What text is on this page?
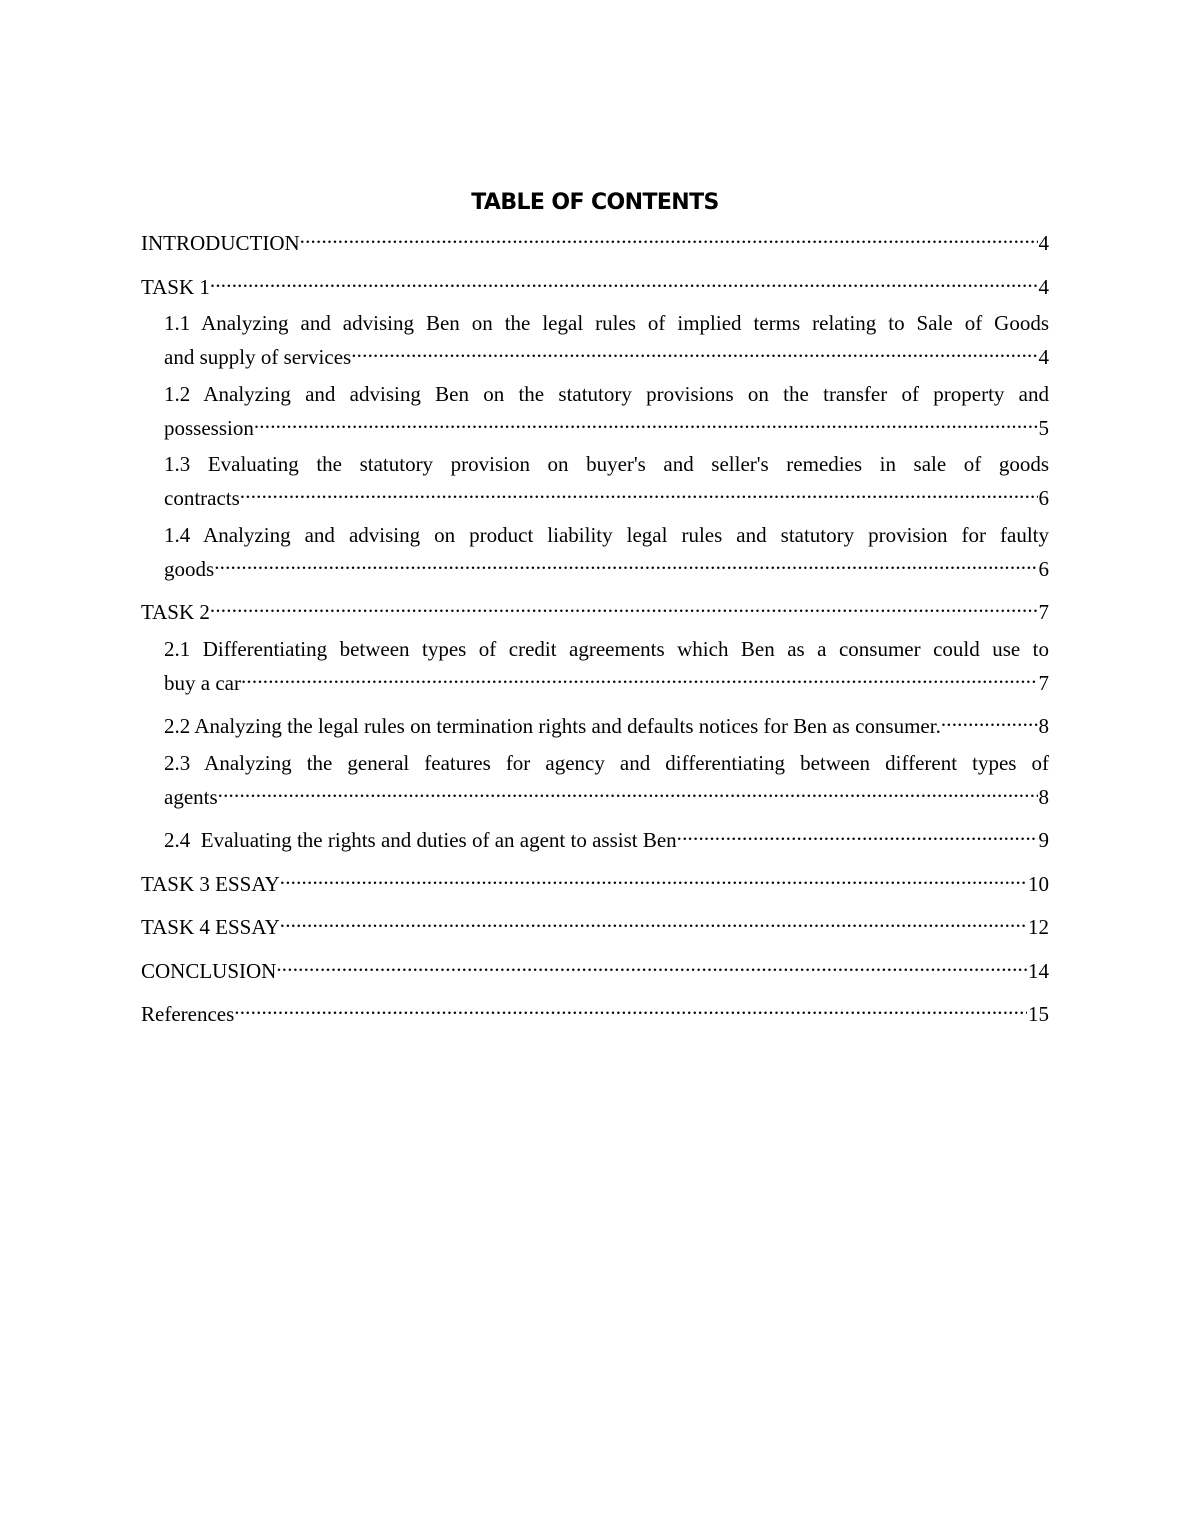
TABLE OF CONTENTS
INTRODUCTION .....	4
TASK 1 .....	4
1.1 Analyzing and advising Ben on the legal rules of implied terms relating to Sale of Goods
and supply of services .....	4
1.2 Analyzing and advising Ben on the statutory provisions on the transfer of property and
possession .....	5
1.3 Evaluating the statutory provision on buyer's and seller's remedies in sale of goods
contracts .....	6
1.4 Analyzing and advising on product liability legal rules and statutory provision for faulty
goods .....	6
TASK 2 .....	7
2.1 Differentiating between types of credit agreements which Ben as a consumer could use to
buy a car .....	7
2.2 Analyzing the legal rules on termination rights and defaults notices for Ben as consumer. .....	8
2.3 Analyzing the general features for agency and differentiating between different types of
agents .....	8
2.4  Evaluating the rights and duties of an agent to assist Ben .....	9
TASK 3 ESSAY .....	10
TASK 4 ESSAY .....	12
CONCLUSION .....	14
References .....	15
